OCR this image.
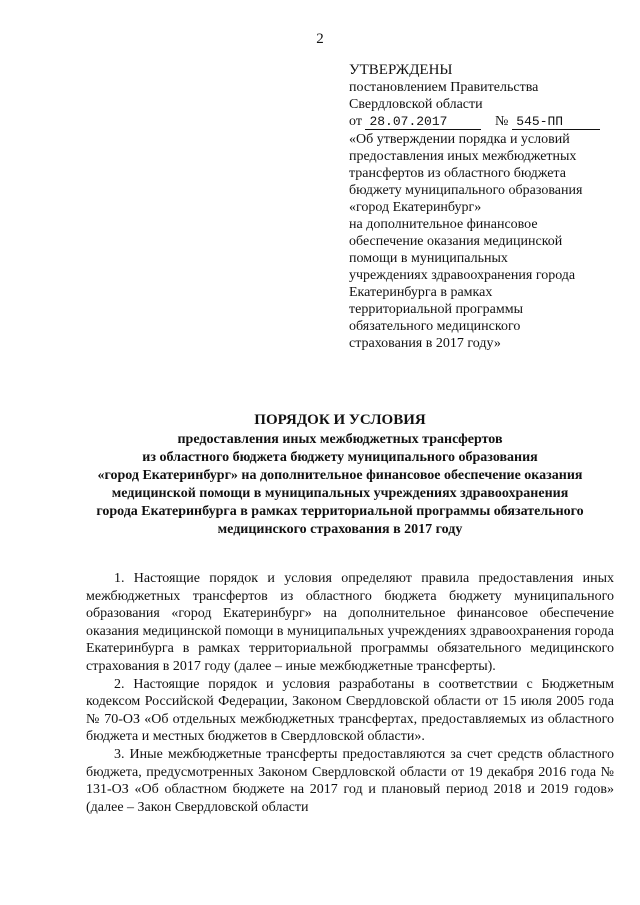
2
УТВЕРЖДЕНЫ
постановлением Правительства
Свердловской области
от 28.07.2017	№ 545-ПП
«Об утверждении порядка и условий
предоставления иных межбюджетных
трансфертов из областного бюджета
бюджету муниципального образования
«город Екатеринбург»
на дополнительное финансовое
обеспечение оказания медицинской
помощи в муниципальных
учреждениях здравоохранения города
Екатеринбурга в рамках
территориальной программы
обязательного медицинского
страхования в 2017 году»
ПОРЯДОК И УСЛОВИЯ
предоставления иных межбюджетных трансфертов
из областного бюджета бюджету муниципального образования
«город Екатеринбург» на дополнительное финансовое обеспечение оказания
медицинской помощи в муниципальных учреждениях здравоохранения
города Екатеринбурга в рамках территориальной программы обязательного
медицинского страхования в 2017 году

1. Настоящие порядок и условия определяют правила предоставления иных межбюджетных трансфертов из областного бюджета бюджету муниципального образования «город Екатеринбург» на дополнительное финансовое обеспечение оказания медицинской помощи в муниципальных учреждениях здравоохранения города Екатеринбурга в рамках территориальной программы обязательного медицинского страхования в 2017 году (далее – иные межбюджетные трансферты).

2. Настоящие порядок и условия разработаны в соответствии с Бюджетным кодексом Российской Федерации, Законом Свердловской области от 15 июля 2005 года № 70-ОЗ «Об отдельных межбюджетных трансфертах, предоставляемых из областного бюджета и местных бюджетов в Свердловской области».

3. Иные межбюджетные трансферты предоставляются за счет средств областного бюджета, предусмотренных Законом Свердловской области от 19 декабря 2016 года № 131-ОЗ «Об областном бюджете на 2017 год и плановый период 2018 и 2019 годов» (далее – Закон Свердловской области
